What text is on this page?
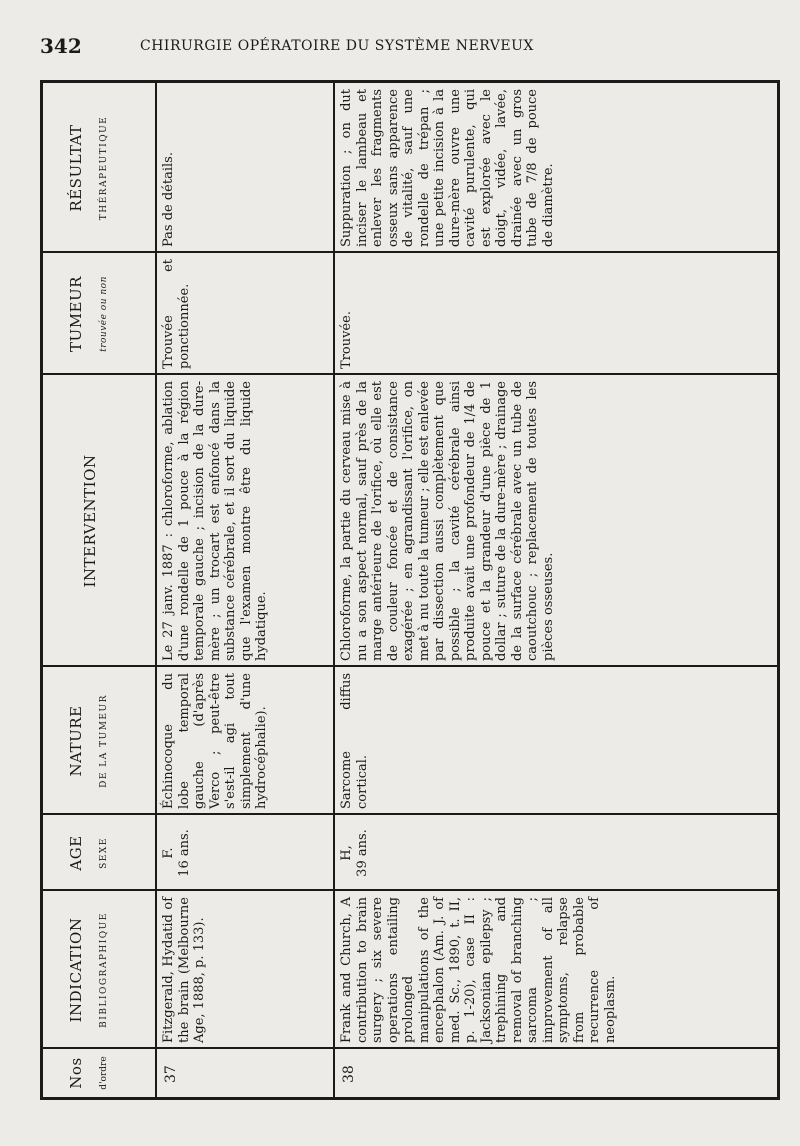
342	CHIRURGIE OPÉRATOIRE DU SYSTÈME NERVEUX
Nos d'ordre
INDICATION BIBLIOGRAPHIQUE
AGE SEXE
NATURE DE LA TUMEUR
INTERVENTION
TUMEUR trouvée ou non
RÉSULTAT THÉRAPEUTIQUE
37
Fitzgerald, Hydatid of the brain (Melbourne Age, 1888, p. 133).
F. 16 ans.
Échinocoque du lobe temporal gauche (d'après Verco ; peut-être s'est-il agi tout simplement d'une hydrocéphalie).
Le 27 janv. 1887 : chloroforme, ablation d'une rondelle de 1 pouce à la région temporale gauche ; incision de la dure-mère ; un trocart est enfoncé dans la substance cérébrale, et il sort du liquide que l'examen montre être du liquide hydatique.
Trouvée et ponctionnée.
Pas de détails.
38
Frank and Church, A contribution to brain surgery ; six severe operations entailing prolonged manipulations of the encephalon (Am. J. of med. Sc., 1890, t. II, p. 1-20), case II : Jacksonian epilepsy ; trephining and removal of branching sarcoma ; improvement of all symptoms, relapse from probable recurrence of neoplasm.
H, 39 ans.
Sarcome diffus cortical.
Chloroforme, la partie du cerveau mise à nu a son aspect normal, sauf près de la marge antérieure de l'orifice, où elle est de couleur foncée et de consistance exagérée ; en agrandissant l'orifice, on met à nu toute la tumeur ; elle est enlevée par dissection aussi complètement que possible ; la cavité cérébrale ainsi produite avait une profondeur de 1/4 de pouce et la grandeur d'une pièce de 1 dollar ; suture de la dure-mère ; drainage de la surface cérébrale avec un tube de caoutchouc ; replacement de toutes les pièces osseuses.
Trouvée.
Suppuration ; on dut inciser le lambeau et enlever les fragments osseux sans apparence de vitalité, sauf une rondelle de trépan ; une petite incision à la dure-mère ouvre une cavité purulente, qui est explorée avec le doigt, vidée, lavée, drainée avec un gros tube de 7/8 de pouce de diamètre.
